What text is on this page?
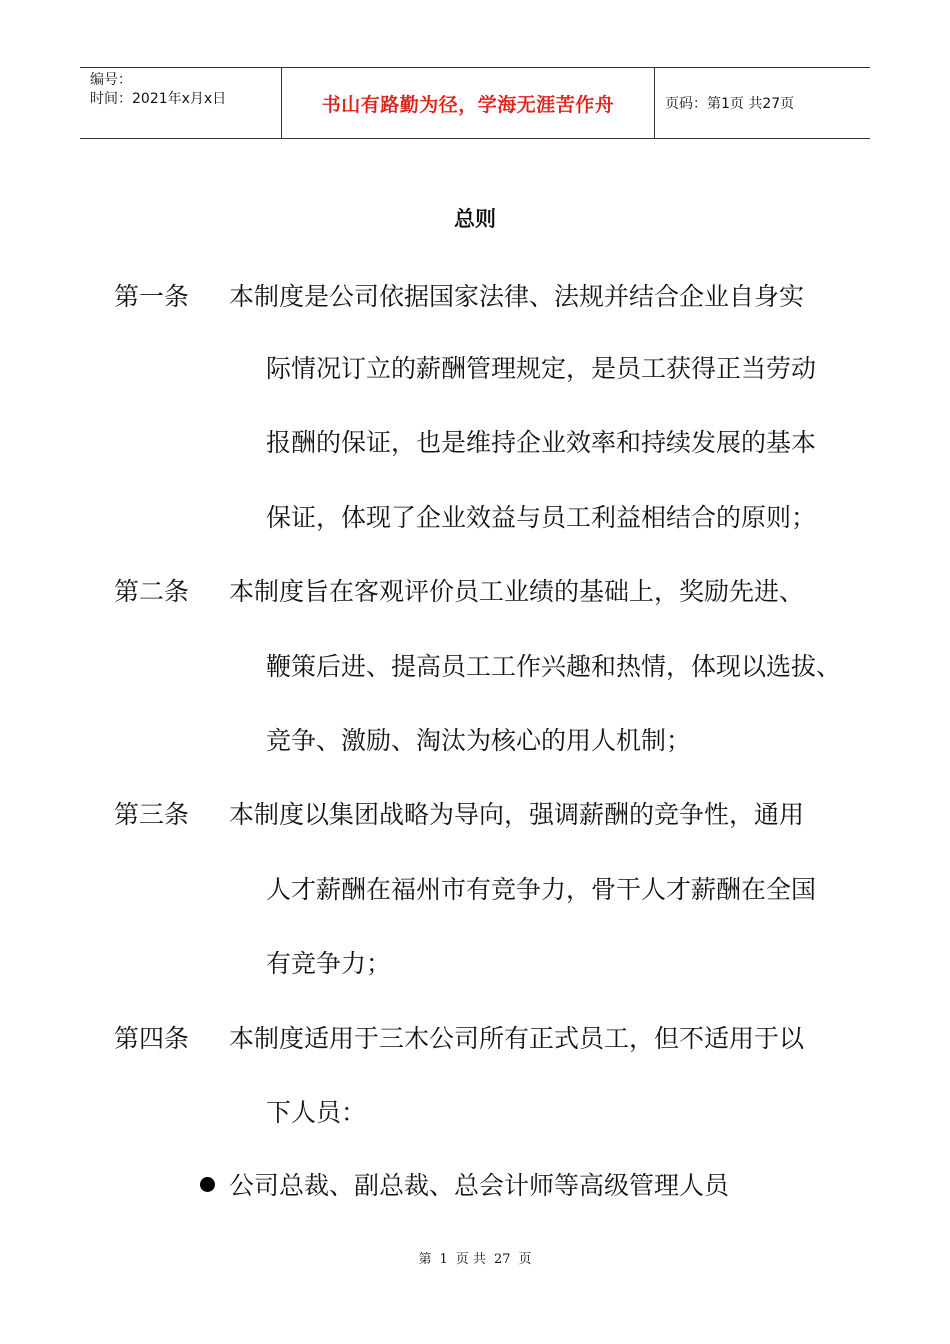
编号：
时间：2021年x月x日	书山有路勤为径，学海无涯苦作舟	页码：第1页 共27页
总则
第一条 本制度是公司依据国家法律、法规并结合企业自身实
际情况订立的薪酬管理规定，是员工获得正当劳动
报酬的保证，也是维持企业效率和持续发展的基本
保证，体现了企业效益与员工利益相结合的原则；
第二条 本制度旨在客观评价员工业绩的基础上，奖励先进、
鞭策后进、提高员工工作兴趣和热情，体现以选拔、
竞争、激励、淘汰为核心的用人机制；
第三条 本制度以集团战略为导向，强调薪酬的竞争性，通用
人才薪酬在福州市有竞争力，骨干人才薪酬在全国
有竞争力；
第四条 本制度适用于三木公司所有正式员工，但不适用于以
下人员：
公司总裁、副总裁、总会计师等高级管理人员
第 1 页 共 27 页
